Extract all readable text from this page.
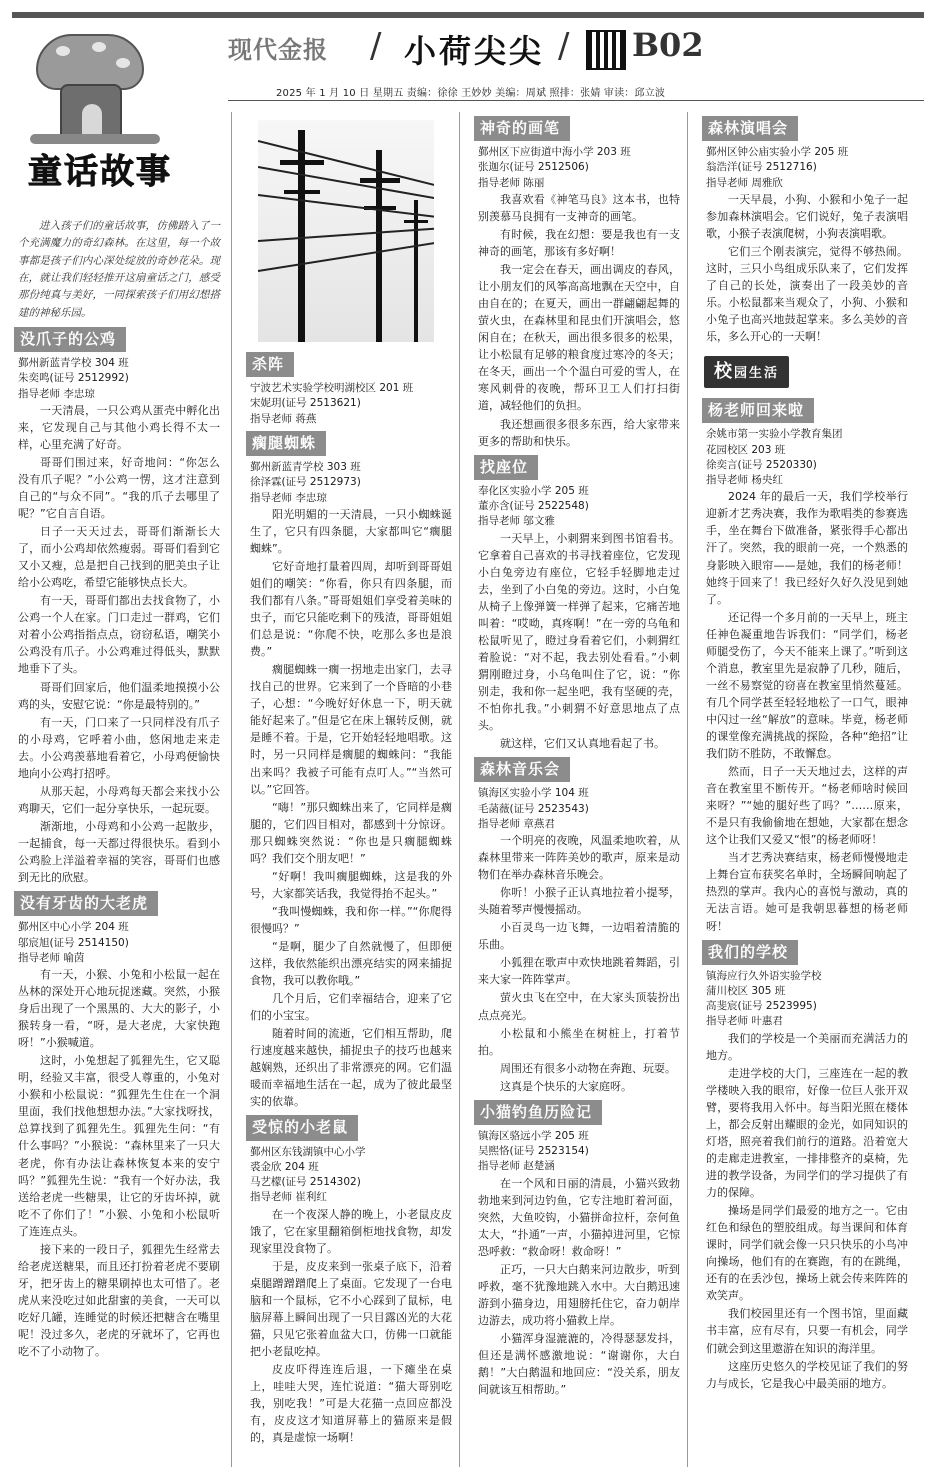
现代金报 / 小荷尖尖 / B02
2025 年 1 月 10 日 星期五 责编：徐徐 王妙妙 美编：周斌 照排：张婧 审读：邱立波
童话故事

进入孩子们的童话故事，仿佛踏入了一个充满魔力的奇幻森林。在这里，每一个故事都是孩子们内心深处绽放的奇妙花朵。现在，就让我们轻轻推开这扇童话之门，感受那份纯真与美好，一同探索孩子们用幻想搭建的神秘乐园。

没爪子的公鸡

鄞州新蓝青学校 304 班

朱奕鸣(证号 2512992)

指导老师 李忠琼

一天清晨，一只公鸡从蛋壳中孵化出来，它发现自己与其他小鸡长得不太一样，心里充满了好奇。

哥哥们围过来，好奇地问：“你怎么没有爪子呢？”小公鸡一愣，这才注意到自己的“与众不同”。“我的爪子去哪里了呢？”它自言自语。

日子一天天过去，哥哥们渐渐长大了，而小公鸡却依然瘦弱。哥哥们看到它又小又瘦，总是把自己找到的肥美虫子让给小公鸡吃，希望它能够快点长大。

有一天，哥哥们都出去找食物了，小公鸡一个人在家。门口走过一群鸡，它们对着小公鸡指指点点，窃窃私语，嘲笑小公鸡没有爪子。小公鸡难过得低头，默默地垂下了头。

哥哥们回家后，他们温柔地摸摸小公鸡的头，安慰它说：“你是最特别的。”

有一天，门口来了一只同样没有爪子的小母鸡，它呼着小曲，悠闲地走来走去。小公鸡羡慕地看着它，小母鸡便愉快地向小公鸡打招呼。

从那天起，小母鸡每天都会来找小公鸡聊天，它们一起分享快乐，一起玩耍。

渐渐地，小母鸡和小公鸡一起散步，一起捕食，每一天都过得很快乐。看到小公鸡脸上洋溢着幸福的笑容，哥哥们也感到无比的欣慰。

没有牙齿的大老虎

鄞州区中心小学 204 班

邬宸旭(证号 2514150)

指导老师 喻茵

有一天，小猴、小兔和小松鼠一起在丛林的深处开心地玩捉迷藏。突然，小猴身后出现了一个黑黑的、大大的影子，小猴转身一看，“呀，是大老虎，大家快跑呀！”小猴喊道。

这时，小兔想起了狐狸先生，它又聪明，经验又丰富，很受人尊重的，小兔对小猴和小松鼠说：“狐狸先生住在一个洞里面，我们找他想想办法。”大家找呀找，总算找到了狐狸先生。狐狸先生问：“有什么事吗？”小猴说：“森林里来了一只大老虎，你有办法让森林恢复本来的安宁吗？”狐狸先生说：“我有一个好办法，我送给老虎一些糖果，让它的牙齿坏掉，就吃不了你们了！”小猴、小兔和小松鼠听了连连点头。

接下来的一段日子，狐狸先生经常去给老虎送糖果，而且还打扮着老虎不要刷牙，把牙齿上的糖果刷掉也太可惜了。老虎从来没吃过如此甜蜜的美食，一天可以吃好几罐，连睡觉的时候还把糖含在嘴里呢！没过多久，老虎的牙就坏了，它再也吃不了小动物了。

杀阵

宁波艺术实验学校明湖校区 201 班

宋妮玥(证号 2513621)

指导老师 蒋燕

瘸腿蜘蛛

鄞州新蓝青学校 303 班

徐泽霖(证号 2512973)

指导老师 李忠琼

阳光明媚的一天清晨，一只小蜘蛛诞生了，它只有四条腿，大家都叫它“瘸腿蜘蛛”。

它好奇地打量着四周，却听到哥哥姐姐们的嘲笑：“你看，你只有四条腿，而我们都有八条。”哥哥姐姐们享受着美味的虫子，而它只能吃剩下的残渣，哥哥姐姐们总是说：“你爬不快，吃那么多也是浪费。”

瘸腿蜘蛛一瘸一拐地走出家门，去寻找自己的世界。它来到了一个昏暗的小巷子，心想：“今晚好好休息一下，明天就能好起来了。”但是它在床上辗转反侧，就是睡不着。于是，它开始轻轻地唱歌。这时，另一只同样是瘸腿的蜘蛛问：“我能出来吗？我被子可能有点叮人。”“当然可以。”它回答。

“嗨！”那只蜘蛛出来了，它同样是瘸腿的，它们四目相对，都感到十分惊讶。那只蜘蛛突然说：“你也是只瘸腿蜘蛛吗？我们交个朋友吧！”

“好啊！我叫瘸腿蜘蛛，这是我的外号，大家都笑话我，我觉得抬不起头。”

“我叫慢蜘蛛，我和你一样。”“你爬得很慢吗？”

“是啊，腿少了自然就慢了，但即便这样，我依然能织出漂亮结实的网来捕捉食物，我可以教你哦。”

几个月后，它们幸福结合，迎来了它们的小宝宝。

随着时间的流逝，它们相互帮助，爬行速度越来越快，捕捉虫子的技巧也越来越娴熟，还织出了非常漂亮的网。它们温暖而幸福地生活在一起，成为了彼此最坚实的依靠。

受惊的小老鼠

鄞州区东钱湖镇中心小学

裘金欣 204 班

马艺檬(证号 2514302)

指导老师 崔利红

在一个夜深人静的晚上，小老鼠皮皮饿了，它在家里翻箱倒柜地找食物，却发现家里没食物了。

于是，皮皮来到一张桌子底下，沿着桌腿蹭蹭蹭爬上了桌面。它发现了一台电脑和一个鼠标，它不小心踩到了鼠标，电脑屏幕上瞬间出现了一只目露凶光的大花猫，只见它张着血盆大口，仿佛一口就能把小老鼠吃掉。

皮皮吓得连连后退，一下瘫坐在桌上，哇哇大哭，连忙说道：“猫大哥别吃我，别吃我！”可是大花猫一点回应都没有，皮皮这才知道屏幕上的猫原来是假的，真是虚惊一场啊！

神奇的画笔

鄞州区下应街道中海小学 203 班

张迦尔(证号 2512506)

指导老师 陈丽

我喜欢看《神笔马良》这本书，也特别羡慕马良拥有一支神奇的画笔。

有时候，我在幻想：要是我也有一支神奇的画笔，那该有多好啊！

我一定会在春天，画出调皮的春风，让小朋友们的风筝高高地飘在天空中，自由自在的；在夏天，画出一群翩翩起舞的萤火虫，在森林里和昆虫们开演唱会，悠闲自在；在秋天，画出很多很多的松果，让小松鼠有足够的粮食度过寒冷的冬天；在冬天，画出一个个温白可爱的雪人，在寒风刺骨的夜晚，帮环卫工人们打扫街道，减轻他们的负担。

我还想画很多很多东西，给大家带来更多的帮助和快乐。

找座位

奉化区实验小学 205 班

董亦含(证号 2522548)

指导老师 邬文雅

一天早上，小刺猬来到图书馆看书。它拿着自己喜欢的书寻找着座位，它发现小白兔旁边有座位，它轻手轻脚地走过去，坐到了小白兔的旁边。这时，小白兔从椅子上像弹簧一样弹了起来，它痛苦地叫着：“哎呦，真疼啊！”在一旁的乌龟和松鼠听见了，瞪过身看着它们，小刺猬红着脸说：“对不起，我去别处看看。”小刺猬刚瞪过身，小乌龟叫住了它，说：“你别走，我和你一起坐吧，我有坚硬的壳，不怕你扎我。”小刺猬不好意思地点了点头。

就这样，它们又认真地看起了书。

森林音乐会

镇海区实验小学 104 班

毛菡薇(证号 2523543)

指导老师 章燕君

一个明亮的夜晚，风温柔地吹着，从森林里带来一阵阵美妙的歌声，原来是动物们在举办森林音乐晚会。

你听！小猴子正认真地拉着小提琴，头随着琴声慢慢摇动。

小百灵鸟一边飞舞，一边唱着清脆的乐曲。

小狐狸在歌声中欢快地跳着舞蹈，引来大家一阵阵掌声。

萤火虫飞在空中，在大家头顶装扮出点点亮光。

小松鼠和小熊坐在树桩上，打着节拍。

周围还有很多小动物在奔跑、玩耍。

这真是个快乐的大家庭呀。

小猫钓鱼历险记

镇海区骆远小学 205 班

吴熙恪(证号 2523154)

指导老师 赵楚涵

在一个风和日丽的清晨，小猫兴致勃勃地来到河边钓鱼，它专注地盯着河面，突然，大鱼咬钩，小猫拼命拉杆，奈何鱼太大，“扑通”一声，小猫掉进河里，它惊恐呼救：“救命呀！救命呀！”

正巧，一只大白鹅来河边散步，听到呼救，毫不犹豫地跳入水中。大白鹅迅速游到小猫身边，用翅膀托住它，奋力朝岸边游去，成功将小猫救上岸。

小猫浑身湿漉漉的，冷得瑟瑟发抖，但还是满怀感激地说：“谢谢你，大白鹅！”大白鹅温和地回应：“没关系，朋友间就该互相帮助。”

森林演唱会

鄞州区钟公庙实验小学 205 班

翁浩洋(证号 2512716)

指导老师 周雅欣

一天早晨，小狗、小猴和小兔子一起参加森林演唱会。它们说好，兔子表演唱歌，小猴子表演爬树，小狗表演唱歌。

它们三个刚表演完，觉得不够热闹。这时，三只小鸟组成乐队来了，它们发挥了自己的长处，演奏出了一段美妙的音乐。小松鼠都来当观众了，小狗、小猴和小兔子也高兴地鼓起掌来。多么美妙的音乐，多么开心的一天啊！

校园生活
杨老师回来啦

余姚市第一实验小学教育集团

花园校区 203 班

徐奕言(证号 2520330)

指导老师 杨央红

2024 年的最后一天，我们学校举行迎新才艺秀决赛，我作为歌唱类的参赛选手，坐在舞台下做准备，紧张得手心都出汗了。突然，我的眼前一亮，一个熟悉的身影映入眼帘——是她，我们的杨老师！她终于回来了！我已经好久好久没见到她了。

还记得一个多月前的一天早上，班主任神色凝重地告诉我们：“同学们，杨老师腿受伤了，今天不能来上课了。”听到这个消息，教室里先是寂静了几秒，随后，一丝不易察觉的窃喜在教室里悄然蔓延。有几个同学甚至轻轻地松了一口气，眼神中闪过一丝“解放”的意味。毕竟，杨老师的课堂像充满挑战的探险，各种“绝招”让我们防不胜防，不敢懈怠。

然而，日子一天天地过去，这样的声音在教室里不断传开。“杨老师啥时候回来呀？”“她的腿好些了吗？”……原来，不是只有我偷偷地在想她，大家都在想念这个让我们又爱又“恨”的杨老师呀！

当才艺秀决赛结束，杨老师慢慢地走上舞台宣布获奖名单时，全场瞬间响起了热烈的掌声。我内心的喜悦与激动，真的无法言语。她可是我朝思暮想的杨老师呀！

我们的学校

镇海应行久外语实验学校

蒲川校区 305 班

高斐宸(证号 2523995)

指导老师 叶惠君

我们的学校是一个美丽而充满活力的地方。

走进学校的大门，三座连在一起的教学楼映入我的眼帘，好像一位巨人张开双臂，要将我用入怀中。每当阳光照在楼体上，都会反射出耀眼的金光，如同知识的灯塔，照亮着我们前行的道路。沿着宽大的走廊走进教室，一排排整齐的桌椅，先进的教学设备，为同学们的学习提供了有力的保障。

操场是同学们最爱的地方之一。它由红色和绿色的塑胶组成。每当课间和体育课时，同学们就会像一只只快乐的小鸟冲向操场，他们有的在赛跑，有的在跳绳，还有的在丢沙包，操场上就会传来阵阵的欢笑声。

我们校园里还有一个图书馆，里面藏书丰富，应有尽有，只要一有机会，同学们就会到这里遨游在知识的海洋里。

这座历史悠久的学校见证了我们的努力与成长，它是我心中最美丽的地方。
